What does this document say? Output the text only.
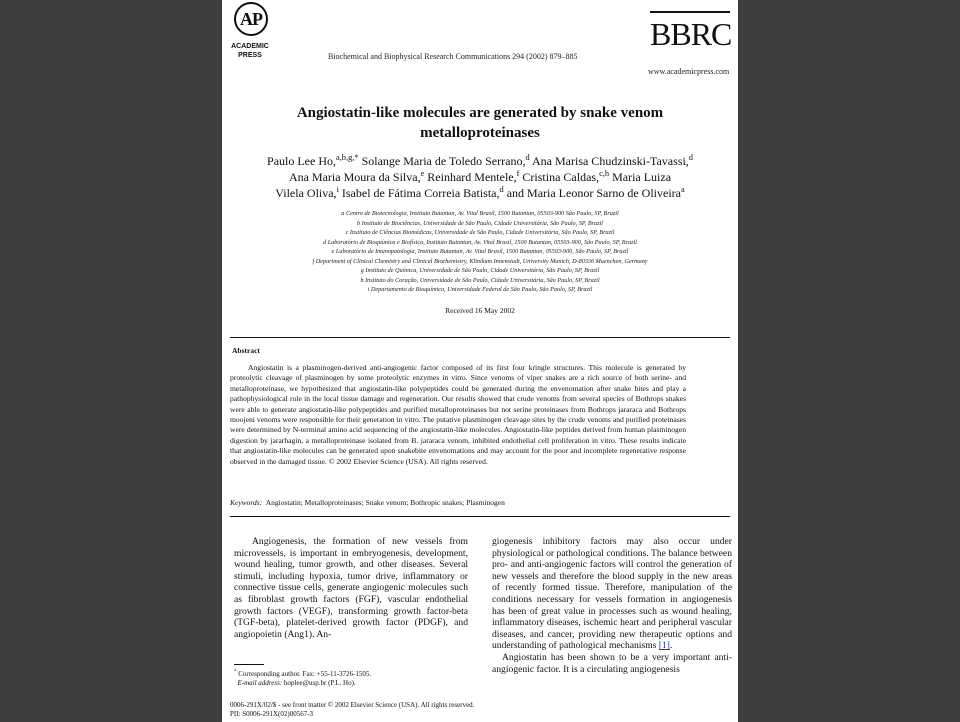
AP
ACADEMIC PRESS	Biochemical and Biophysical Research Communications 294 (2002) 879–885
BBRC
www.academicpress.com
Angiostatin-like molecules are generated by snake venom metalloproteinases
Paulo Lee Ho,$^{a,b,g,*}$ Solange Maria de Toledo Serrano,$^d$ Ana Marisa Chudzinski-Tavassi,$^d$
Ana Maria Moura da Silva,$^e$ Reinhard Mentele,$^f$ Cristina Caldas,$^{c,h}$ Maria Luiza
Vilela Oliva,$^i$ Isabel de Fátima Correia Batista,$^d$ and Maria Leonor Sarno de Oliveira$^a$
a Centro de Biotecnologia, Instituto Butantan, Av. Vital Brasil, 1500 Butantan, 05503-900 São Paulo, SP, Brazil
b Instituto de Biociências, Universidade de São Paulo, Cidade Universitária, São Paulo, SP, Brazil
c Instituto de Ciências Biomédicas, Universidade de São Paulo, Cidade Universitária, São Paulo, SP, Brazil
d Laboratório de Bioquímica e Biofísica, Instituto Butantan, Av. Vital Brasil, 1500 Butantan, 05503-900, São Paulo, SP, Brazil
e Laboratório de Imunopatologia, Instituto Butantan, Av. Vital Brasil, 1500 Butantan, 05503-900, São Paulo, SP, Brazil
f Department of Clinical Chemistry and Clinical Biochemistry, Klinikum Innenstadt, University Munich, D-80336 Muenchen, Germany
g Instituto de Química, Universidade de São Paulo, Cidade Universitária, São Paulo, SP, Brazil
h Instituto do Coração, Universidade de São Paulo, Cidade Universitária, São Paulo, SP, Brazil
i Departamento de Bioquímica, Universidade Federal de São Paulo, São Paulo, SP, Brazil
Received 16 May 2002
Abstract
Angiostatin is a plasminogen-derived anti-angiogenic factor composed of its first four kringle structures. This molecule is generated by proteolytic cleavage of plasminogen by some proteolytic enzymes in vitro. Since venoms of viper snakes are a rich source of both serine- and metalloproteinase, we hypothesized that angiostatin-like polypeptides could be generated during the envenomation after snake bites and play a pathophysiological role in the local tissue damage and regeneration. Our results showed that crude venoms from several species of Bothrops snakes were able to generate angiostatin-like polypeptides and purified metalloproteinases but not serine proteinases from Bothrops jararaca and Bothrops moojeni venoms were responsible for their generation in vitro. The putative plasminogen cleavage sites by the crude venoms and purified proteinases were determined by N-terminal amino acid sequencing of the angiostatin-like molecules. Angiostatin-like peptides derived from human plasminogen digestion by jararhagin, a metalloproteinase isolated from B. jararaca venom, inhibited endothelial cell proliferation in vitro. These results indicate that angiostatin-like molecules can be generated upon snakebite envenomations and may account for the poor and incomplete regenerative response observed in the damaged tissue. © 2002 Elsevier Science (USA). All rights reserved.
Keywords: Angiostatin; Metalloproteinases; Snake venom; Bothropic snakes; Plasminogen
Angiogenesis, the formation of new vessels from microvessels, is important in embryogenesis, development, wound healing, tumor growth, and other diseases. Several stimuli, including hypoxia, tumor drive, inflammatory or connective tissue cells, generate angiogenic molecules such as fibroblast growth factors (FGF), vascular endothelial growth factors (VEGF), transforming growth factor-beta (TGF-beta), platelet-derived growth factor (PDGF), and angiopoietin (Ang1). An-

giogenesis inhibitory factors may also occur under physiological or pathological conditions. The balance between pro- and anti-angiogenic factors will control the generation of new vessels and therefore the blood supply in the new areas of recently formed tissue. Therefore, manipulation of the conditions necessary for vessels formation in angiogenesis has been of great value in processes such as wound healing, inflammatory diseases, ischemic heart and peripheral vascular diseases, and cancer, providing new therapeutic options and understanding of pathological mechanisms [1].

Angiostatin has been shown to be a very important anti-angiogenic factor. It is a circulating angiogenesis

* Corresponding author. Fax: +55-11-3726-1505.
E-mail address: hoplee@usp.br (P.L. Ho).
0006-291X/02/$ - see front matter © 2002 Elsevier Science (USA). All rights reserved.
PII: S0006-291X(02)00567-3
